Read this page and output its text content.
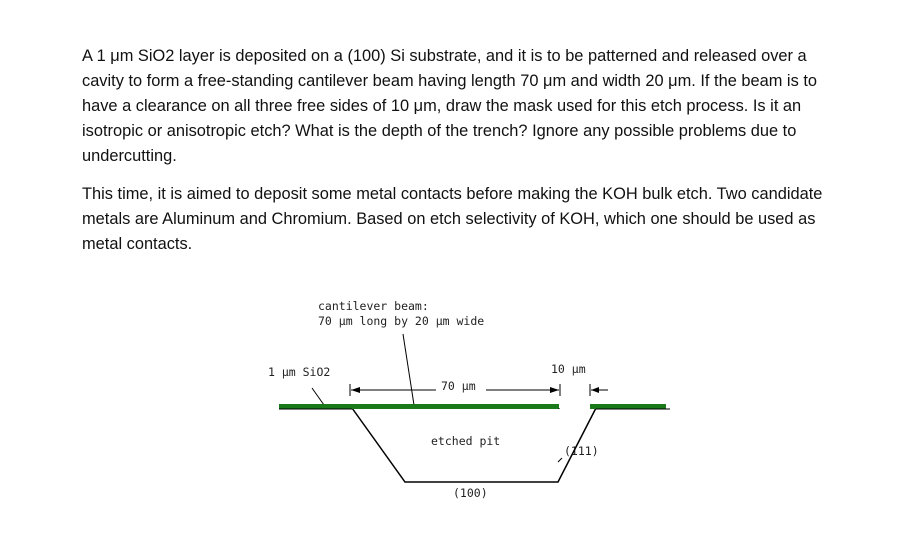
A 1 μm SiO2 layer is deposited on a (100) Si substrate, and it is to be patterned and released over a cavity to form a free-standing cantilever beam having length 70 μm and width 20 μm. If the beam is to have a clearance on all three free sides of 10 μm, draw the mask used for this etch process. Is it an isotropic or anisotropic etch? What is the depth of the trench? Ignore any possible problems due to undercutting.

This time, it is aimed to deposit some metal contacts before making the KOH bulk etch. Two candidate metals are Aluminum and Chromium. Based on etch selectivity of KOH, which one should be used as metal contacts.

cantilever beam:
70 μm long by 20 μm wide
1 μm SiO2	10 μm
70 μm
etched pit
(111)
(100)
